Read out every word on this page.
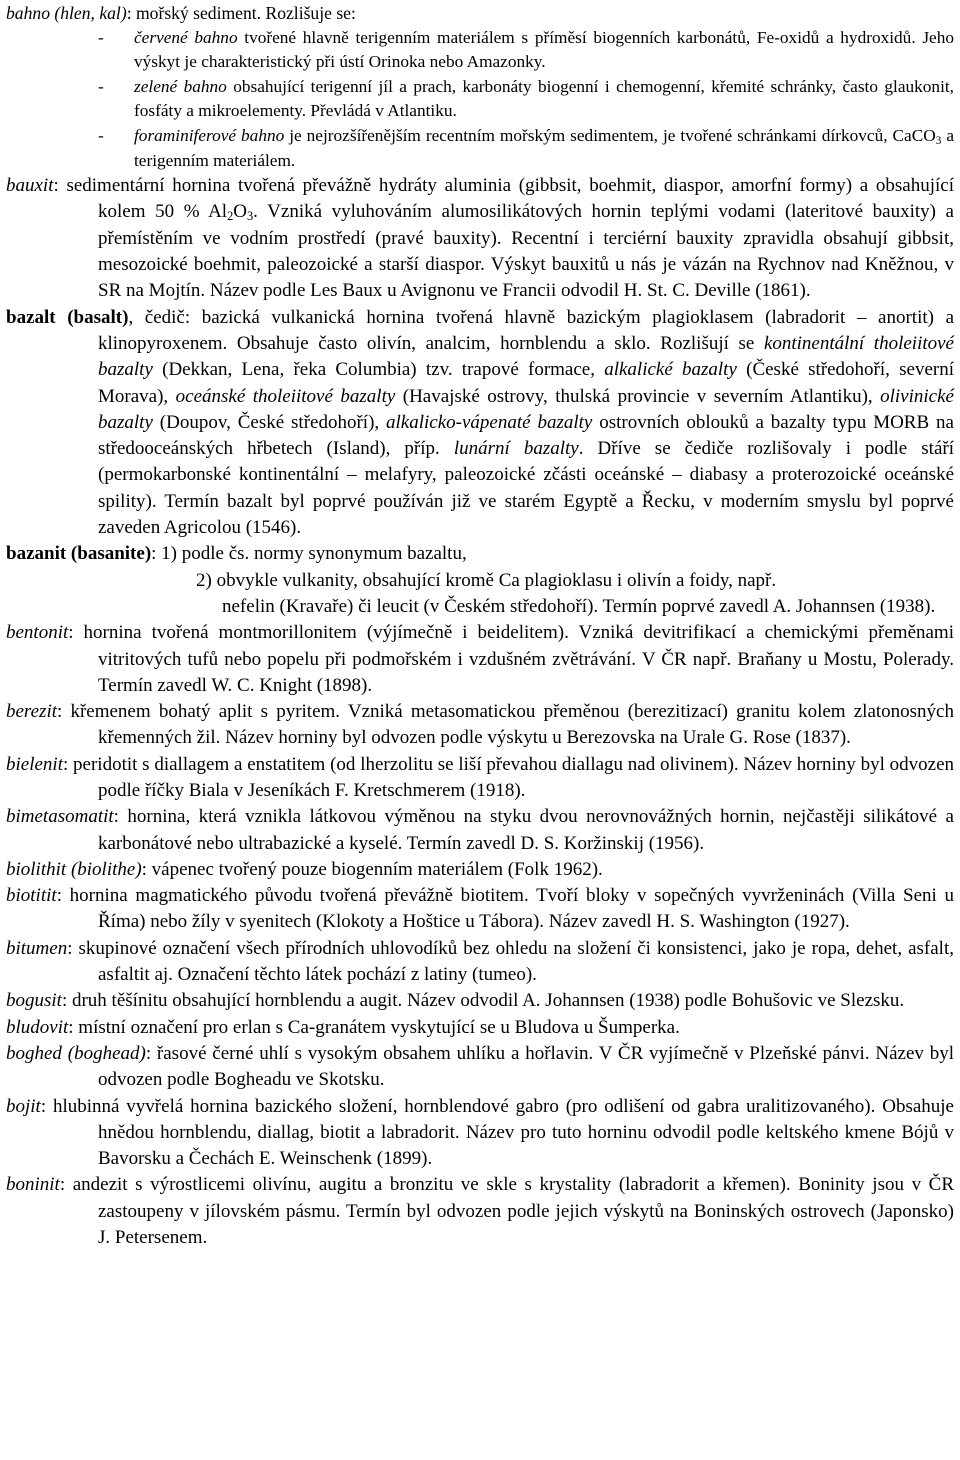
bahno (hlen, kal): mořský sediment. Rozlišuje se:

- červené bahno tvořené hlavně terigenním materiálem s příměsí biogenních karbonátů, Fe-oxidů a hydroxidů. Jeho výskyt je charakteristický při ústí Orinoka nebo Amazonky.

- zelené bahno obsahující terigenní jíl a prach, karbonáty biogenní i chemogenní, křemité schránky, často glaukonit, fosfáty a mikroelementy. Převládá v Atlantiku.

- foraminiferové bahno je nejrozšířenějším recentním mořským sedimentem, je tvořené schránkami dírkovců, CaCO$_3$ a terigenním materiálem.

bauxit: sedimentární hornina tvořená převážně hydráty aluminia (gibbsit, boehmit, diaspor, amorfní formy) a obsahující kolem 50 % $Al_2O_3$. Vzniká vyluhováním alumosilikátových hornin teplými vodami (lateritové bauxity) a přemístěním ve vodním prostředí (pravé bauxity). Recentní i terciérní bauxity zpravidla obsahují gibbsit, mesozoické boehmit, paleozoické a starší diaspor. Výskyt bauxitů u nás je vázán na Rychnov nad Kněžnou, v SR na Mojtín. Název podle Les Baux u Avignonu ve Francii odvodil H. St. C. Deville (1861).

bazalt (basalt), čedič: bazická vulkanická hornina tvořená hlavně bazickým plagioklasem (labradorit – anortit) a klinopyroxenem. Obsahuje často olivín, analcim, hornblendu a sklo. Rozlišují se kontinentální tholeiitové bazalty (Dekkan, Lena, řeka Columbia) tzv. trapové formace, alkalické bazalty (České středohoří, severní Morava), oceánské tholeiitové bazalty (Havajské ostrovy, thulská provincie v severním Atlantiku), olivinické bazalty (Doupov, České středohoří), alkalicko-vápenaté bazalty ostrovních oblouků a bazalty typu MORB na středooceánských hřbetech (Island), příp. lunární bazalty. Dříve se čediče rozlišovaly i podle stáří (permokarbonské kontinentální – melafyry, paleozoické zčásti oceánské – diabasy a proterozoické oceánské spility). Termín bazalt byl poprvé používán již ve starém Egyptě a Řecku, v moderním smyslu byl poprvé zaveden Agricolou (1546).

bazanit (basanite): 1) podle čs. normy synonymum bazaltu,

2) obvykle vulkanity, obsahující kromě Ca plagioklasu i olivín a foidy, např.

nefelin (Kravaře) či leucit (v Českém středohoří). Termín poprvé zavedl A. Johannsen (1938).

bentonit: hornina tvořená montmorillonitem (výjímečně i beidelitem). Vzniká devitrifikací a chemickými přeměnami vitritových tufů nebo popelu při podmořském i vzdušném zvětrávání. V ČR např. Braňany u Mostu, Polerady. Termín zavedl W. C. Knight (1898).

berezit: křemenem bohatý aplit s pyritem. Vzniká metasomatickou přeměnou (berezitizací) granitu kolem zlatonosných křemenných žil. Název horniny byl odvozen podle výskytu u Berezovska na Urale G. Rose (1837).

bielenit: peridotit s diallagem a enstatitem (od lherzolitu se liší převahou diallagu nad olivinem). Název horniny byl odvozen podle říčky Biala v Jeseníkách F. Kretschmerem (1918).

bimetasomatit: hornina, která vznikla látkovou výměnou na styku dvou nerovnovážných hornin, nejčastěji silikátové a karbonátové nebo ultrabazické a kyselé. Termín zavedl D. S. Koržinskij (1956).

biolithit (biolithe): vápenec tvořený pouze biogenním materiálem (Folk 1962).

biotitit: hornina magmatického původu tvořená převážně biotitem. Tvoří bloky v sopečných vyvrženinách (Villa Seni u Říma) nebo žíly v syenitech (Klokoty a Hoštice u Tábora). Název zavedl H. S. Washington (1927).

bitumen: skupinové označení všech přírodních uhlovodíků bez ohledu na složení či konsistenci, jako je ropa, dehet, asfalt, asfaltit aj. Označení těchto látek pochází z latiny (tumeo).

bogusit: druh těšínitu obsahující hornblendu a augit. Název odvodil A. Johannsen (1938) podle Bohušovic ve Slezsku.

bludovit: místní označení pro erlan s Ca-granátem vyskytující se u Bludova u Šumperka.

boghed (boghead): řasové černé uhlí s vysokým obsahem uhlíku a hořlavin. V ČR vyjímečně v Plzeňské pánvi. Název byl odvozen podle Bogheadu ve Skotsku.

bojit: hlubinná vyvřelá hornina bazického složení, hornblendové gabro (pro odlišení od gabra uralitizovaného). Obsahuje hnědou hornblendu, diallag, biotit a labradorit. Název pro tuto horninu odvodil podle keltského kmene Bójů v Bavorsku a Čechách E. Weinschenk (1899).

boninit: andezit s výrostlicemi olivínu, augitu a bronzitu ve skle s krystality (labradorit a křemen). Boninity jsou v ČR zastoupeny v jílovském pásmu. Termín byl odvozen podle jejich výskytů na Boninských ostrovech (Japonsko) J. Petersenem.
